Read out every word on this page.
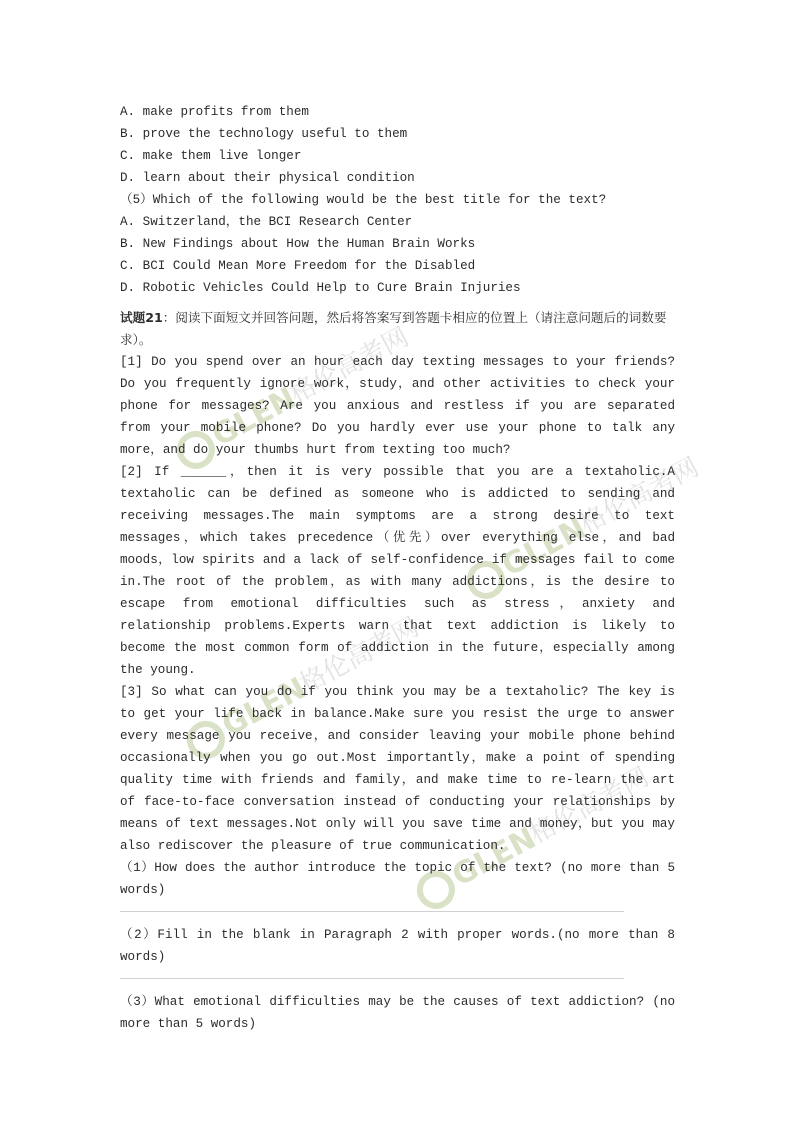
GLEN
格伦高考网
GLEN
格伦高考网
GLEN
格伦高考网
GLEN
格伦高考网
A. make profits from them
B. prove the technology useful to them
C. make them live longer
D. learn about their physical condition
（5）Which of the following would be the best title for the text?
A. Switzerland，the BCI Research Center
B. New Findings about How the Human Brain Works
C. BCI Could Mean More Freedom for the Disabled
D. Robotic Vehicles Could Help to Cure Brain Injuries
试题21：阅读下面短文并回答问题，然后将答案写到答题卡相应的位置上（请注意问题后的词数要求）。

[1] Do you spend over an hour each day texting messages to your friends? Do you frequently ignore work，study，and other activities to check your phone for messages? Are you anxious and restless if you are separated from your mobile phone? Do you hardly ever use your phone to talk any more，and do your thumbs hurt from texting too much?

[2] If ______，then it is very possible that you are a textaholic.A textaholic can be defined as someone who is addicted to sending and receiving messages.The main symptoms are a strong desire to text messages，which takes precedence（优先）over everything else，and bad moods，low spirits and a lack of self-confidence if messages fail to come in.The root of the problem，as with many addictions，is the desire to escape from emotional difficulties such as stress，anxiety and relationship problems.Experts warn that text addiction is likely to become the most common form of addiction in the future，especially among the young.

[3] So what can you do if you think you may be a textaholic? The key is to get your life back in balance.Make sure you resist the urge to answer every message you receive，and consider leaving your mobile phone behind occasionally when you go out.Most importantly，make a point of spending quality time with friends and family，and make time to re-learn the art of face-to-face conversation instead of conducting your relationships by means of text messages.Not only will you save time and money，but you may also rediscover the pleasure of true communication.

（1）How does the author introduce the topic of the text? (no more than 5 words)

（2）Fill in the blank in Paragraph 2 with proper words.(no more than 8 words)

（3）What emotional difficulties may be the causes of text addiction? (no more than 5 words)
